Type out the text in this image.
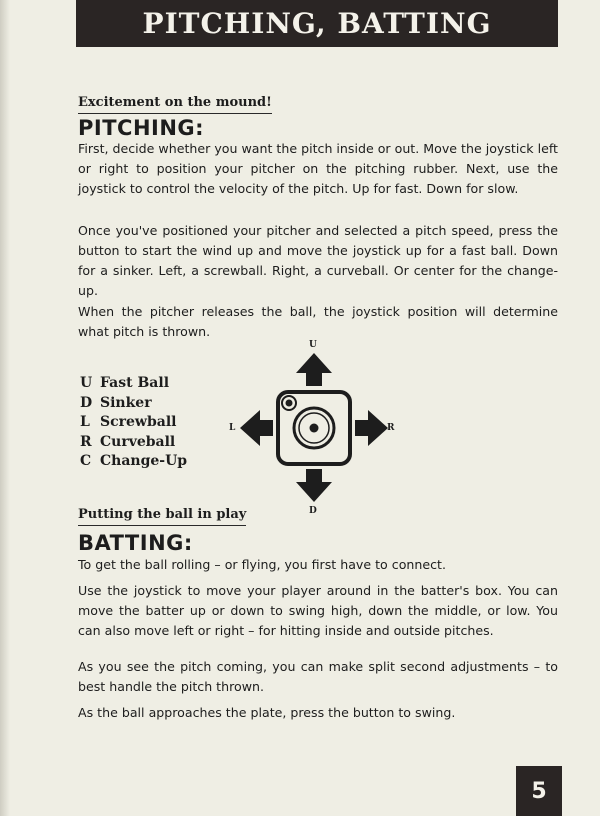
PITCHING, BATTING
Excitement on the mound!
PITCHING:

First, decide whether you want the pitch inside or out. Move the joystick left or right to position your pitcher on the pitching rubber. Next, use the joystick to control the velocity of the pitch. Up for fast. Down for slow.

Once you've positioned your pitcher and selected a pitch speed, press the button to start the wind up and move the joystick up for a fast ball. Down for a sinker. Left, a screwball. Right, a curveball. Or center for the change-up.

When the pitcher releases the ball, the joystick position will determine what pitch is thrown.

U Fast Ball
D Sinker
L Screwball
R Curveball
C Change-Up
U
D
L	R
Putting the ball in play
BATTING:

To get the ball rolling – or flying, you first have to connect.

Use the joystick to move your player around in the batter's box. You can move the batter up or down to swing high, down the middle, or low. You can also move left or right – for hitting inside and outside pitches.

As you see the pitch coming, you can make split second adjustments – to best handle the pitch thrown.

As the ball approaches the plate, press the button to swing.

5
